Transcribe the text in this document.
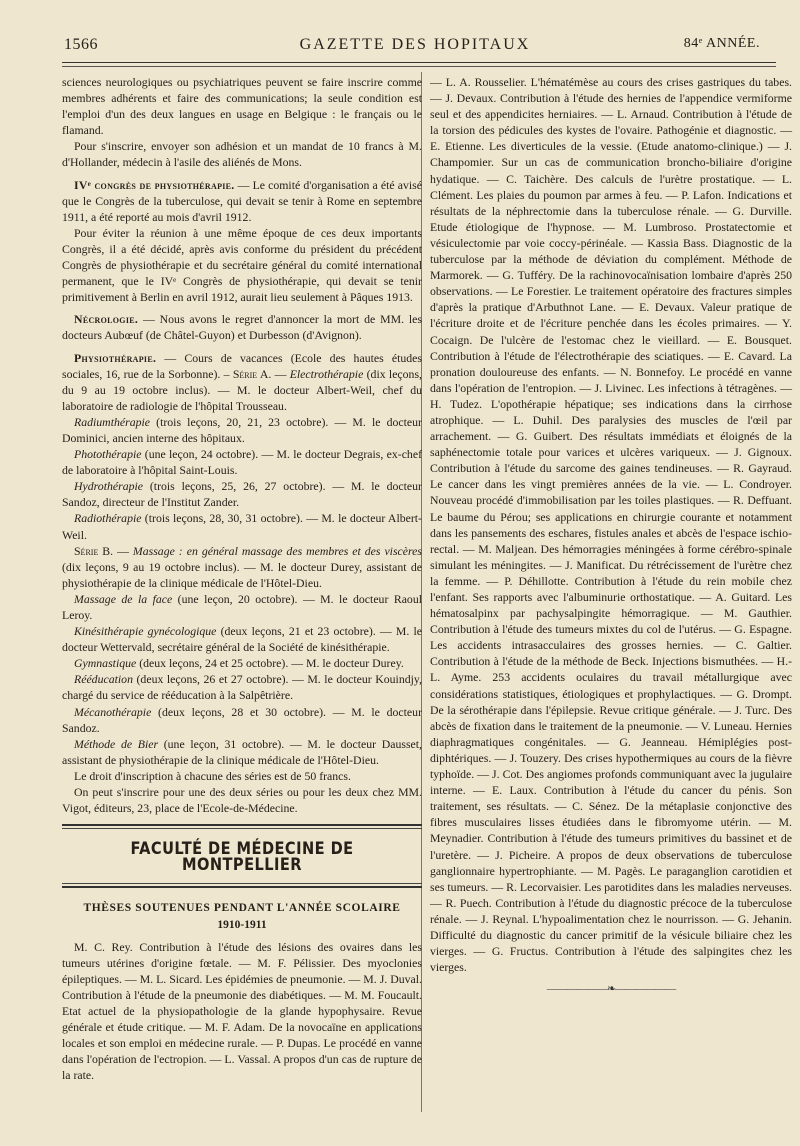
1566	GAZETTE DES HOPITAUX	84ᵉ ANNÉE.

sciences neurologiques ou psychiatriques peuvent se faire inscrire comme membres adhérents et faire des communications; la seule condition est l'emploi d'un des deux langues en usage en Belgique : le français ou le flamand.

Pour s'inscrire, envoyer son adhésion et un mandat de 10 francs à M. d'Hollander, médecin à l'asile des aliénés de Mons.

IVᵉ congrès de physiothérapie. — Le comité d'organisation a été avisé que le Congrès de la tuberculose, qui devait se tenir à Rome en septembre 1911, a été reporté au mois d'avril 1912.

Pour éviter la réunion à une même époque de ces deux importants Congrès, il a été décidé, après avis conforme du président du précédent Congrès de physiothérapie et du secrétaire général du comité international permanent, que le IVᵉ Congrès de physiothérapie, qui devait se tenir primitivement à Berlin en avril 1912, aurait lieu seulement à Pâques 1913.

Nécrologie. — Nous avons le regret d'annoncer la mort de MM. les docteurs Aubœuf (de Châtel-Guyon) et Durbesson (d'Avignon).

Physiothérapie. — Cours de vacances (Ecole des hautes études sociales, 16, rue de la Sorbonne). – Série A. — Electrothérapie (dix leçons, du 9 au 19 octobre inclus). — M. le docteur Albert-Weil, chef du laboratoire de radiologie de l'hôpital Trousseau.

Radiumthérapie (trois leçons, 20, 21, 23 octobre). — M. le docteur Dominici, ancien interne des hôpitaux.

Photothérapie (une leçon, 24 octobre). — M. le docteur Degrais, ex-chef de laboratoire à l'hôpital Saint-Louis.

Hydrothérapie (trois leçons, 25, 26, 27 octobre). — M. le docteur Sandoz, directeur de l'Institut Zander.

Radiothérapie (trois leçons, 28, 30, 31 octobre). — M. le docteur Albert-Weil.

Série B. — Massage : en général massage des membres et des viscères (dix leçons, 9 au 19 octobre inclus). — M. le docteur Durey, assistant de physiothérapie de la clinique médicale de l'Hôtel-Dieu.

Massage de la face (une leçon, 20 octobre). — M. le docteur Raoul Leroy.

Kinésithérapie gynécologique (deux leçons, 21 et 23 octobre). — M. le docteur Wettervald, secrétaire général de la Société de kinésithérapie.

Gymnastique (deux leçons, 24 et 25 octobre). — M. le docteur Durey.

Rééducation (deux leçons, 26 et 27 octobre). — M. le docteur Kouindjy, chargé du service de rééducation à la Salpêtrière.

Mécanothérapie (deux leçons, 28 et 30 octobre). — M. le docteur Sandoz.

Méthode de Bier (une leçon, 31 octobre). — M. le docteur Dausset, assistant de physiothérapie de la clinique médicale de l'Hôtel-Dieu.

Le droit d'inscription à chacune des séries est de 50 francs.

On peut s'inscrire pour une des deux séries ou pour les deux chez MM. Vigot, éditeurs, 23, place de l'Ecole-de-Médecine.

FACULTÉ DE MÉDECINE DE MONTPELLIER
THÈSES SOUTENUES PENDANT L'ANNÉE SCOLAIRE
1910-1911

M. C. Rey. Contribution à l'étude des lésions des ovaires dans les tumeurs utérines d'origine fœtale. — M. F. Pélissier. Des myoclonies épileptiques. — M. L. Sicard. Les épidémies de pneumonie. — M. J. Duval. Contribution à l'étude de la pneumonie des diabétiques. — M. M. Foucault. Etat actuel de la physiopathologie de la glande hypophysaire. Revue générale et étude critique. — M. F. Adam. De la novocaïne en applications locales et son emploi en médecine rurale. — P. Dupas. Le procédé en vanne dans l'opération de l'ectropion. — L. Vassal. A propos d'un cas de rupture de la rate.

— L. A. Rousselier. L'hématémèse au cours des crises gastriques du tabes. — J. Devaux. Contribution à l'étude des hernies de l'appendice vermiforme seul et des appendicites herniaires. — L. Arnaud. Contribution à l'étude de la torsion des pédicules des kystes de l'ovaire. Pathogénie et diagnostic. — E. Etienne. Les diverticules de la vessie. (Etude anatomo-clinique.) — J. Champomier. Sur un cas de communication broncho-biliaire d'origine hydatique. — C. Taichère. Des calculs de l'urètre prostatique. — L. Clément. Les plaies du poumon par armes à feu. — P. Lafon. Indications et résultats de la néphrectomie dans la tuberculose rénale. — G. Durville. Etude étiologique de l'hypnose. — M. Lumbroso. Prostatectomie et vésiculectomie par voie coccy-périnéale. — Kassia Bass. Diagnostic de la tuberculose par la méthode de déviation du complément. Méthode de Marmorek. — G. Tufféry. De la rachinovocaïnisation lombaire d'après 250 observations. — Le Forestier. Le traitement opératoire des fractures simples d'après la pratique d'Arbuthnot Lane. — E. Devaux. Valeur pratique de l'écriture droite et de l'écriture penchée dans les écoles primaires. — Y. Cocaign. De l'ulcère de l'estomac chez le vieillard. — E. Bousquet. Contribution à l'étude de l'électrothérapie des sciatiques. — E. Cavard. La pronation douloureuse des enfants. — N. Bonnefoy. Le procédé en vanne dans l'opération de l'entropion. — J. Livinec. Les infections à tétragènes. — H. Tudez. L'opothérapie hépatique; ses indications dans la cirrhose atrophique. — L. Duhil. Des paralysies des muscles de l'œil par arrachement. — G. Guibert. Des résultats immédiats et éloignés de la saphénectomie totale pour varices et ulcères variqueux. — J. Gignoux. Contribution à l'étude du sarcome des gaines tendineuses. — R. Gayraud. Le cancer dans les vingt premières années de la vie. — L. Condroyer. Nouveau procédé d'immobilisation par les toiles plastiques. — R. Deffuant. Le baume du Pérou; ses applications en chirurgie courante et notamment dans les pansements des eschares, fistules anales et abcès de l'espace ischio-rectal. — M. Maljean. Des hémorragies méningées à forme cérébro-spinale simulant les méningites. — J. Manificat. Du rétrécissement de l'urètre chez la femme. — P. Déhillotte. Contribution à l'étude du rein mobile chez l'enfant. Ses rapports avec l'albuminurie orthostatique. — A. Guitard. Les hématosalpinx par pachysalpingite hémorragique. — M. Gauthier. Contribution à l'étude des tumeurs mixtes du col de l'utérus. — G. Espagne. Les accidents intrasacculaires des grosses hernies. — C. Galtier. Contribution à l'étude de la méthode de Beck. Injections bismuthées. — H.-L. Ayme. 253 accidents oculaires du travail métallurgique avec considérations statistiques, étiologiques et prophylactiques. — G. Drompt. De la sérothérapie dans l'épilepsie. Revue critique générale. — J. Turc. Des abcès de fixation dans le traitement de la pneumonie. — V. Luneau. Hernies diaphragmatiques congénitales. — G. Jeanneau. Hémiplégies post-diphtériques. — J. Touzery. Des crises hypothermiques au cours de la fièvre typhoïde. — J. Cot. Des angiomes profonds communiquant avec la jugulaire interne. — E. Laux. Contribution à l'étude du cancer du pénis. Son traitement, ses résultats. — C. Sénez. De la métaplasie conjonctive des fibres musculaires lisses étudiées dans le fibromyome utérin. — M. Meynadier. Contribution à l'étude des tumeurs primitives du bassinet et de l'uretère. — J. Picheire. A propos de deux observations de tuberculose ganglionnaire hypertrophiante. — M. Pagès. Le paraganglion carotidien et ses tumeurs. — R. Lecorvaisier. Les parotidites dans les maladies nerveuses. — R. Puech. Contribution à l'étude du diagnostic précoce de la tuberculose rénale. — J. Reynal. L'hypoalimentation chez le nourrisson. — G. Jehanin. Difficulté du diagnostic du cancer primitif de la vésicule biliaire chez les vierges. — G. Fructus. Contribution à l'étude des salpingites chez les vierges.

——————❧——————
